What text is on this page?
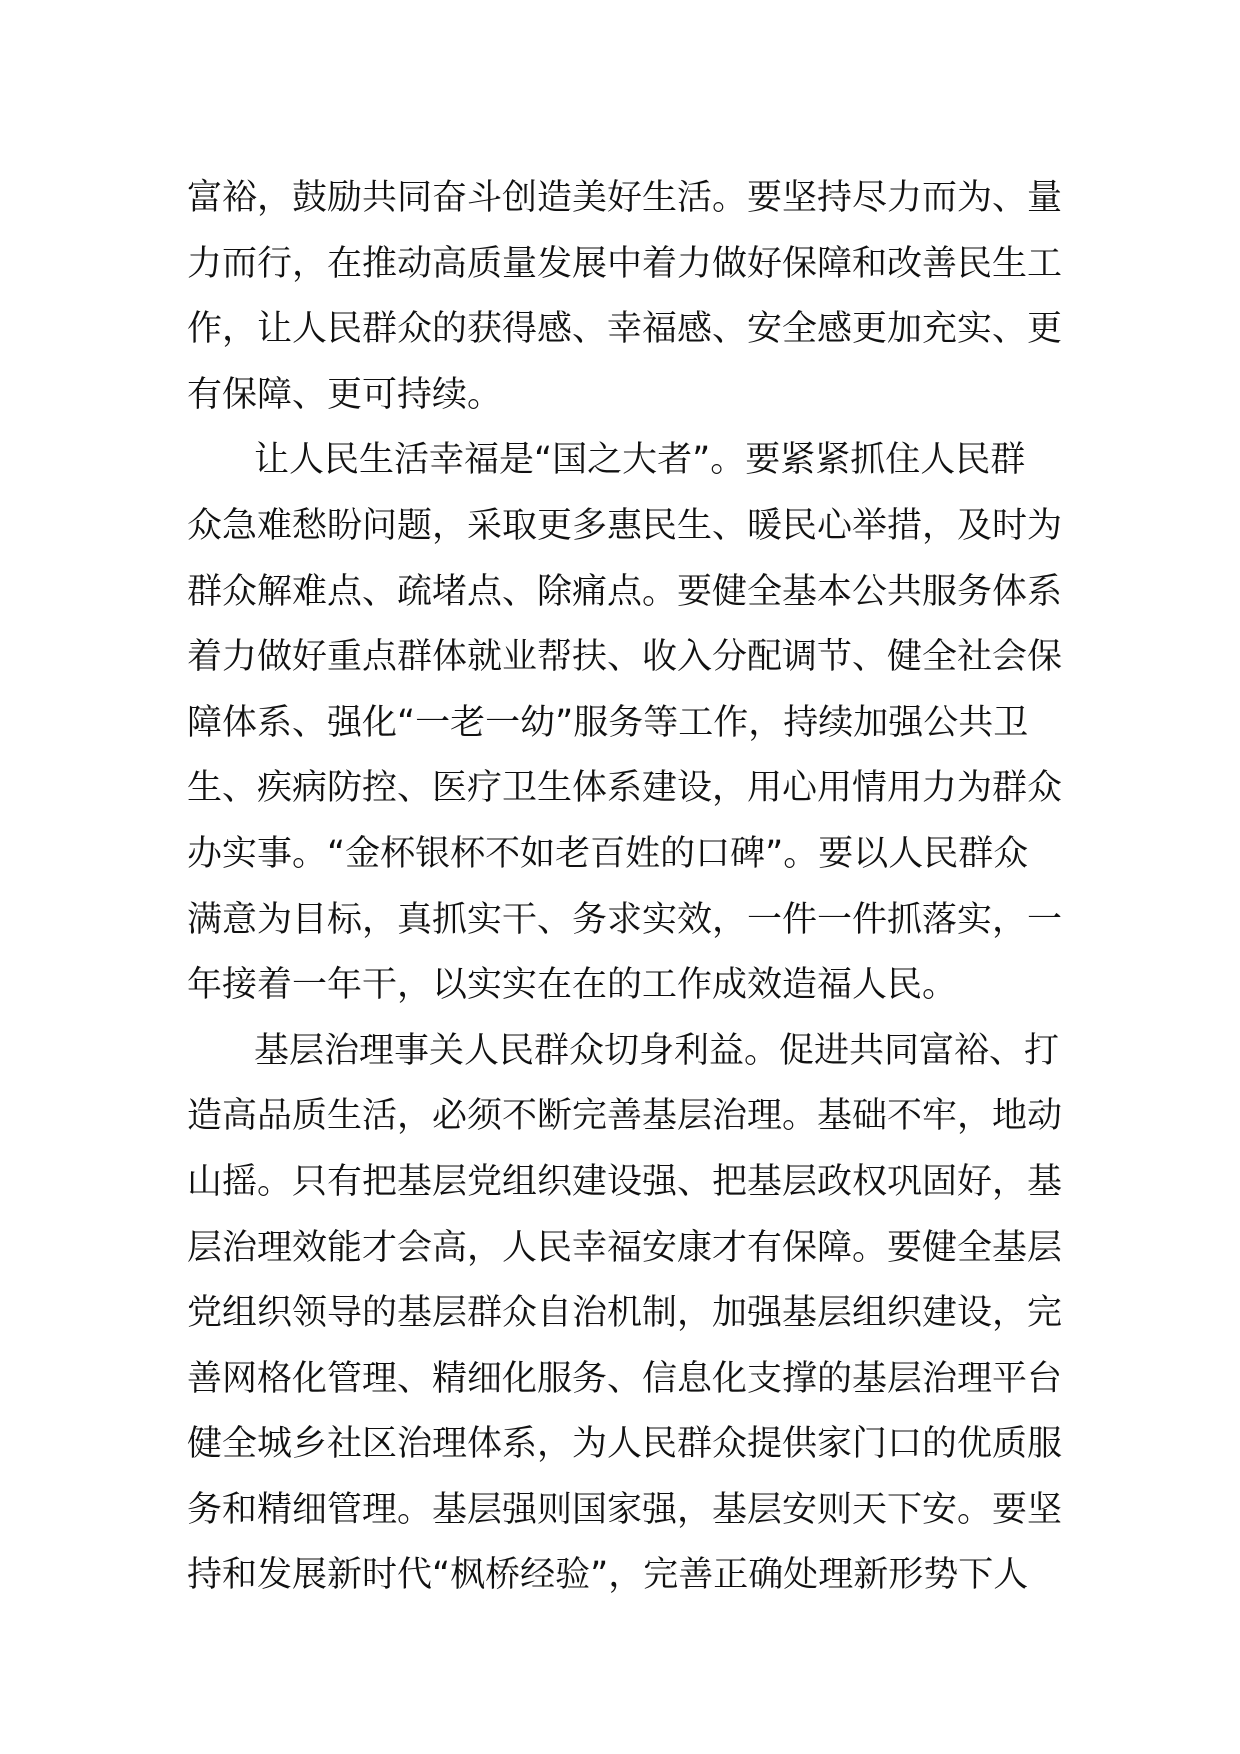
富裕，鼓励共同奋斗创造美好生活。要坚持尽力而为、量
力而行，在推动高质量发展中着力做好保障和改善民生工
作，让人民群众的获得感、幸福感、安全感更加充实、更
有保障、更可持续。
让人民生活幸福是“国之大者”。要紧紧抓住人民群
众急难愁盼问题，采取更多惠民生、暖民心举措，及时为
群众解难点、疏堵点、除痛点。要健全基本公共服务体系
着力做好重点群体就业帮扶、收入分配调节、健全社会保
障体系、强化“一老一幼”服务等工作，持续加强公共卫
生、疾病防控、医疗卫生体系建设，用心用情用力为群众
办实事。“金杯银杯不如老百姓的口碑”。要以人民群众
满意为目标，真抓实干、务求实效，一件一件抓落实，一
年接着一年干，以实实在在的工作成效造福人民。
基层治理事关人民群众切身利益。促进共同富裕、打
造高品质生活，必须不断完善基层治理。基础不牢，地动
山摇。只有把基层党组织建设强、把基层政权巩固好，基
层治理效能才会高，人民幸福安康才有保障。要健全基层
党组织领导的基层群众自治机制，加强基层组织建设，完
善网格化管理、精细化服务、信息化支撑的基层治理平台
健全城乡社区治理体系，为人民群众提供家门口的优质服
务和精细管理。基层强则国家强，基层安则天下安。要坚
持和发展新时代“枫桥经验”，完善正确处理新形势下人
